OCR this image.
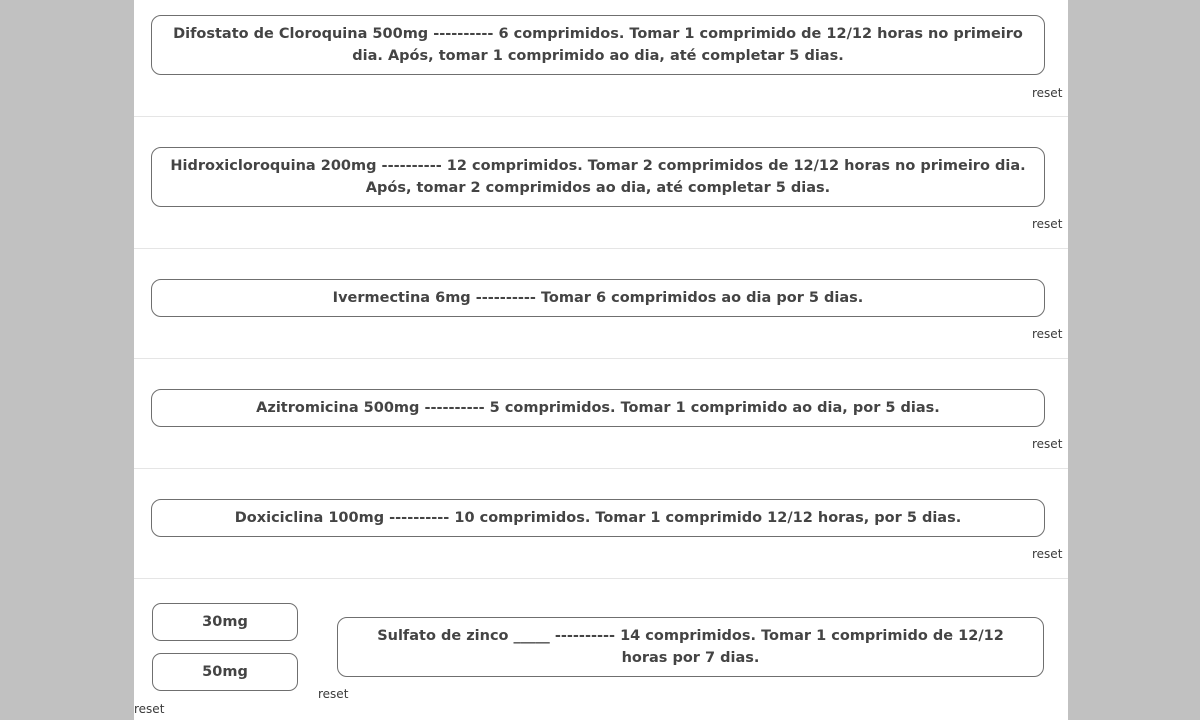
Difostato de Cloroquina 500mg ---------- 6 comprimidos. Tomar 1 comprimido de 12/12 horas no primeiro dia. Após, tomar 1 comprimido ao dia, até completar 5 dias.
reset
Hidroxicloroquina 200mg ---------- 12 comprimidos. Tomar 2 comprimidos de 12/12 horas no primeiro dia. Após, tomar 2 comprimidos ao dia, até completar 5 dias.
reset
Ivermectina 6mg ---------- Tomar 6 comprimidos ao dia por 5 dias.
reset
Azitromicina 500mg ---------- 5 comprimidos. Tomar 1 comprimido ao dia, por 5 dias.
reset
Doxiciclina 100mg ---------- 10 comprimidos. Tomar 1 comprimido 12/12 horas, por 5 dias.
reset
30mg
50mg
Sulfato de zinco _____ ---------- 14 comprimidos. Tomar 1 comprimido de 12/12 horas por 7 dias.
reset
reset
